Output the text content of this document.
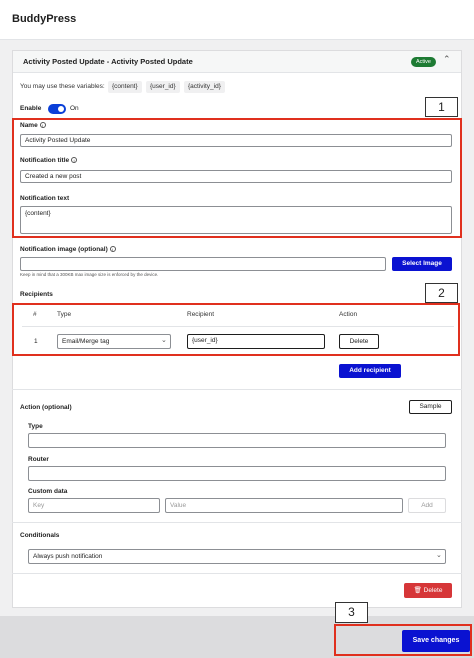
BuddyPress
Activity Posted Update - Activity Posted Update	Active	⌃
You may use these variables:	{content}	{user_id}	{activity_id}
Enable	On
Name i
Activity Posted Update
Notification title i
Created a new post
Notification text
{content}
Notification image (optional) i
Select Image
Keep in mind that a 300KB max image size is enforced by the device.
Recipients
#	Type	Recipient	Action
1	Email/Merge tag	⌄	{user_id}	Delete
Add recipient
Action (optional)	Sample
Type
Router
Custom data
Key	Value	Add
Conditionals
Always push notification	⌄
🗑 Delete
Save changes
1
2
3
